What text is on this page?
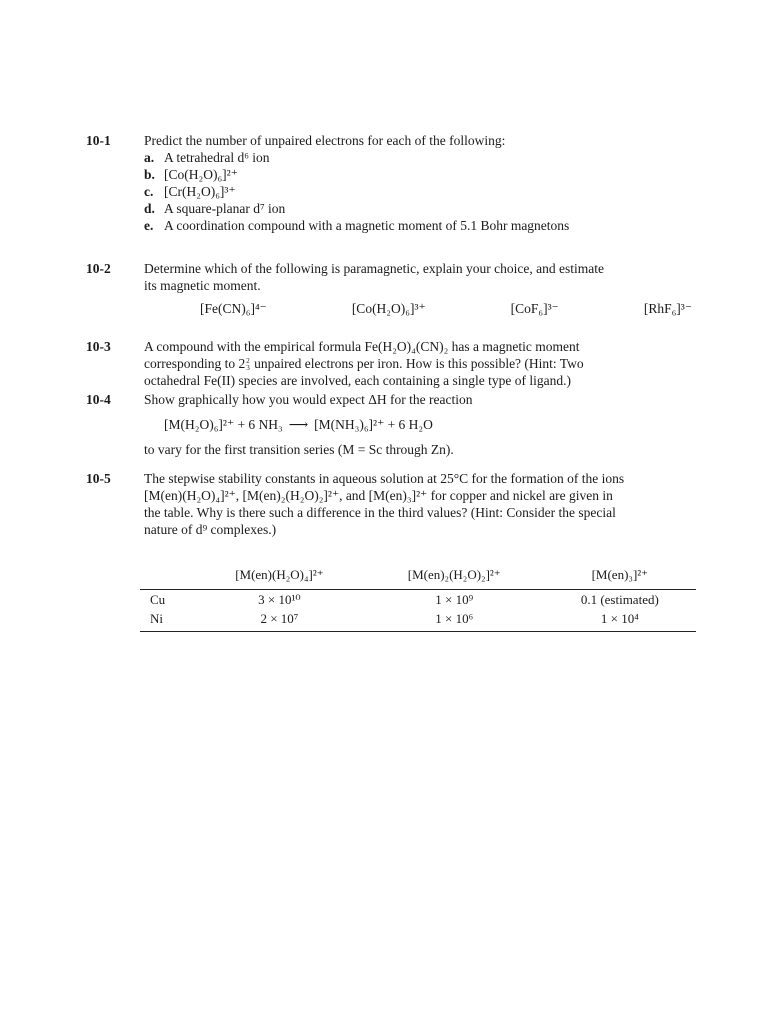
10-1 Predict the number of unpaired electrons for each of the following:
a. A tetrahedral d⁶ ion
b. [Co(H₂O)₆]²⁺
c. [Cr(H₂O)₆]³⁺
d. A square-planar d⁷ ion
e. A coordination compound with a magnetic moment of 5.1 Bohr magnetons
10-2 Determine which of the following is paramagnetic, explain your choice, and estimate
its magnetic moment.
[Fe(CN)₆]⁴⁻	[Co(H₂O)₆]³⁺	[CoF₆]³⁻	[RhF₆]³⁻
10-3 A compound with the empirical formula Fe(H₂O)₄(CN)₂ has a magnetic moment
corresponding to 2 2
3 unpaired electrons per iron. How is this possible? (Hint: Two
octahedral Fe(II) species are involved, each containing a single type of ligand.)
10-4 Show graphically how you would expect ΔH for the reaction
[M(H₂O)₆]²⁺ + 6 NH₃ ⟶ [M(NH₃)₆]²⁺ + 6 H₂O
to vary for the first transition series (M = Sc through Zn).
10-5 The stepwise stability constants in aqueous solution at 25°C for the formation of the ions
[M(en)(H₂O)₄]²⁺, [M(en)₂(H₂O)₂]²⁺, and [M(en)₃]²⁺ for copper and nickel are given in
the table. Why is there such a difference in the third values? (Hint: Consider the special
nature of d⁹ complexes.)
	[M(en)(H₂O)₄]²⁺	[M(en)₂(H₂O)₂]²⁺	[M(en)₃]²⁺
Cu	3 × 10¹⁰	1 × 10⁹	0.1 (estimated)
Ni	2 × 10⁷	1 × 10⁶	1 × 10⁴
